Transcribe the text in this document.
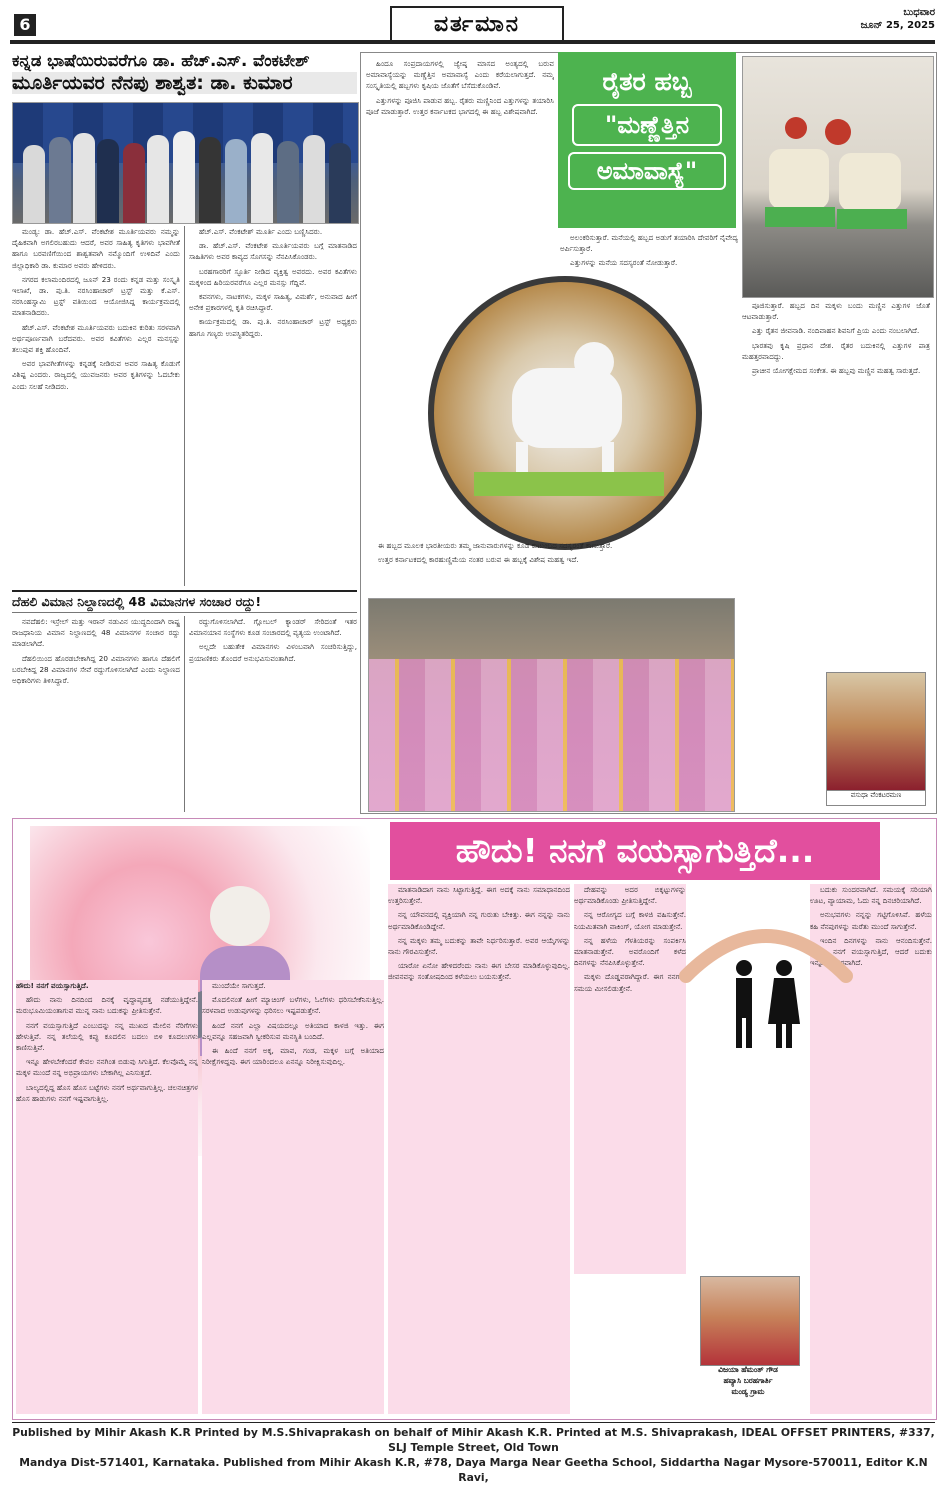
6	ವರ್ತಮಾನ	ಬುಧವಾರ
ಜೂನ್ 25, 2025
ಕನ್ನಡ ಭಾಷೆಯಿರುವರೆಗೂ ಡಾ. ಹೆಚ್.ಎಸ್. ವೆಂಕಟೇಶ್
ಮೂರ್ತಿಯವರ ನೆನಪು ಶಾಶ್ವತ: ಡಾ. ಕುಮಾರ

ಮಂಡ್ಯ: ಡಾ. ಹೆಚ್.ಎಸ್. ವೆಂಕಟೇಶ ಮೂರ್ತಿಯವರು ನಮ್ಮನ್ನು ದೈಹಿಕವಾಗಿ ಅಗಲಿರಬಹುದು ಆದರೆ, ಅವರ ಸಾಹಿತ್ಯ ಕೃತಿಗಳು ಭಾವಗೀತೆ ಹಾಗೂ ಬರವಣಿಗೆಯಿಂದ ಶಾಶ್ವತವಾಗಿ ನಮ್ಮೊಂದಿಗೆ ಉಳಿದಿವೆ ಎಂದು ಜಿಲ್ಲಾಧಿಕಾರಿ ಡಾ. ಕುಮಾರ ಅವರು ಹೇಳಿದರು.

ನಗರದ ಕಲಾಮಂದಿರದಲ್ಲಿ ಜೂನ್ 23 ರಂದು ಕನ್ನಡ ಮತ್ತು ಸಂಸ್ಕೃತಿ ಇಲಾಖೆ, ಡಾ. ಪು.ತಿ. ನರಸಿಂಹಾಚಾರ್ ಟ್ರಸ್ಟ್ ಮತ್ತು ಕೆ.ಎಸ್. ನರಸಿಂಹಸ್ವಾಮಿ ಟ್ರಸ್ಟ್ ವತಿಯಿಂದ ಆಯೋಜಿಸಿದ್ದ ಕಾರ್ಯಕ್ರಮದಲ್ಲಿ ಮಾತನಾಡಿದರು.

ಹೆಚ್.ಎಸ್. ವೆಂಕಟೇಶ ಮೂರ್ತಿಯವರು ಬದುಕಿನ ಕುರಿತು ಸರಳವಾಗಿ ಅರ್ಥಪೂರ್ಣವಾಗಿ ಬರೆದವರು. ಅವರ ಕವಿತೆಗಳು ಎಲ್ಲರ ಮನಸ್ಸನ್ನು ತಲುಪುವ ಶಕ್ತಿ ಹೊಂದಿವೆ.

ಅವರ ಭಾವಗೀತೆಗಳನ್ನು ಕನ್ನಡಕ್ಕೆ ನೀಡಿರುವ ಅವರ ಸಾಹಿತ್ಯ ಕೊಡುಗೆ ವಿಶಿಷ್ಟ ಎಂದರು. ರಾಜ್ಯದಲ್ಲಿ ಯುವಜನರು ಅವರ ಕೃತಿಗಳನ್ನು ಓದಬೇಕು ಎಂದು ಸಲಹೆ ನೀಡಿದರು.

ಹೆಚ್.ಎಸ್. ವೆಂಕಟೇಶ್ ಮೂರ್ತಿ ಎಂದು ಬಣ್ಣಿಸಿದರು.

ಡಾ. ಹೆಚ್.ಎಸ್. ವೆಂಕಟೇಶ ಮೂರ್ತಿಯವರು ಬಗ್ಗೆ ಮಾತನಾಡಿದ ಸಾಹಿತಿಗಳು ಅವರ ಕಾವ್ಯದ ಸೊಗಸನ್ನು ನೆನಪಿಸಿಕೊಂಡರು.

ಬರಹಗಾರರಿಗೆ ಸ್ಫೂರ್ತಿ ನೀಡಿದ ವ್ಯಕ್ತಿತ್ವ ಅವರದು. ಅವರ ಕವಿತೆಗಳು ಮಕ್ಕಳಿಂದ ಹಿರಿಯರವರೆಗೂ ಎಲ್ಲರ ಮನಸ್ಸು ಗೆದ್ದಿವೆ.

ಕವನಗಳು, ನಾಟಕಗಳು, ಮಕ್ಕಳ ಸಾಹಿತ್ಯ, ವಿಮರ್ಶೆ, ಅನುವಾದ ಹೀಗೆ ಅನೇಕ ಪ್ರಕಾರಗಳಲ್ಲಿ ಕೃತಿ ರಚಿಸಿದ್ದಾರೆ.

ಕಾರ್ಯಕ್ರಮದಲ್ಲಿ ಡಾ. ಪು.ತಿ. ನರಸಿಂಹಾಚಾರ್ ಟ್ರಸ್ಟ್ ಅಧ್ಯಕ್ಷರು ಹಾಗೂ ಗಣ್ಯರು ಉಪಸ್ಥಿತರಿದ್ದರು.

ದೆಹಲಿ ವಿಮಾನ ನಿಲ್ದಾಣದಲ್ಲಿ 48 ವಿಮಾನಗಳ ಸಂಚಾರ ರದ್ದು!

ನವದೆಹಲಿ: ಇಸ್ರೇಲ್ ಮತ್ತು ಇರಾನ್ ನಡುವಿನ ಯುದ್ಧದಿಂದಾಗಿ ರಾಷ್ಟ್ರ ರಾಜಧಾನಿಯ ವಿಮಾನ ನಿಲ್ದಾಣದಲ್ಲಿ 48 ವಿಮಾನಗಳ ಸಂಚಾರ ರದ್ದು ಮಾಡಲಾಗಿದೆ.

ದೆಹಲಿಯಿಂದ ಹೊರಡಬೇಕಾಗಿದ್ದ 20 ವಿಮಾನಗಳು ಹಾಗೂ ದೆಹಲಿಗೆ ಬರಬೇಕಿದ್ದ 28 ವಿಮಾನಗಳ ಸೇವೆ ರದ್ದುಗೊಳಿಸಲಾಗಿದೆ ಎಂದು ನಿಲ್ದಾಣದ ಅಧಿಕಾರಿಗಳು ತಿಳಿಸಿದ್ದಾರೆ.

ರದ್ದುಗೊಳಿಸಲಾಗಿದೆ. ಗ್ಲೋಬಲ್ ಕ್ಯಾಂಡರ್ ಸೇರಿದಂತೆ ಇತರ ವಿಮಾನಯಾನ ಸಂಸ್ಥೆಗಳು ಕೂಡ ಸಂಚಾರದಲ್ಲಿ ವ್ಯತ್ಯಯ ಉಂಟಾಗಿದೆ.

ಅಲ್ಲದೇ ಬಹುತೇಕ ವಿಮಾನಗಳು ವಿಳಂಬವಾಗಿ ಸಂಚರಿಸುತ್ತಿದ್ದು, ಪ್ರಯಾಣಿಕರು ತೊಂದರೆ ಅನುಭವಿಸುವಂತಾಗಿದೆ.

ಹಿಂದೂ ಸಂಪ್ರದಾಯಗಳಲ್ಲಿ ಜ್ಯೇಷ್ಠ ಮಾಸದ ಅಂತ್ಯದಲ್ಲಿ ಬರುವ ಅಮಾವಾಸ್ಯೆಯನ್ನು ಮಣ್ಣೆತ್ತಿನ ಅಮಾವಾಸ್ಯೆ ಎಂದು ಕರೆಯಲಾಗುತ್ತದೆ. ನಮ್ಮ ಸಂಸ್ಕೃತಿಯಲ್ಲಿ ಹಬ್ಬಗಳು ಕೃಷಿಯ ಜೊತೆಗೆ ಬೆಸೆದುಕೊಂಡಿವೆ.

ಎತ್ತುಗಳನ್ನು ಪೂಜಿಸಿ ಪಾಡುವ ಹಬ್ಬ. ರೈತರು ಮಣ್ಣಿನಿಂದ ಎತ್ತುಗಳನ್ನು ತಯಾರಿಸಿ ಪೂಜೆ ಮಾಡುತ್ತಾರೆ. ಉತ್ತರ ಕರ್ನಾಟಕದ ಭಾಗದಲ್ಲಿ ಈ ಹಬ್ಬ ವಿಶೇಷವಾಗಿದೆ.

ರೈತರ ಹಬ್ಬ
"ಮಣ್ಣೆತ್ತಿನ
ಅಮಾವಾಸ್ಯೆ"

ಅಲಂಕರಿಸುತ್ತಾರೆ. ಮನೆಯಲ್ಲಿ ಹಬ್ಬದ ಅಡುಗೆ ತಯಾರಿಸಿ ದೇವರಿಗೆ ನೈವೇದ್ಯ ಅರ್ಪಿಸುತ್ತಾರೆ.

ಎತ್ತುಗಳನ್ನು ಮನೆಯ ಸದಸ್ಯರಂತೆ ನೋಡುತ್ತಾರೆ.

ಪೂಜಿಸುತ್ತಾರೆ. ಹಬ್ಬದ ದಿನ ಮಕ್ಕಳು ಬಂದು ಮಣ್ಣಿನ ಎತ್ತುಗಳ ಜೊತೆ ಆಟವಾಡುತ್ತಾರೆ.

ಎತ್ತು ರೈತನ ಜೀವನಾಡಿ. ನಂದಿವಾಹನ ಶಿವನಿಗೆ ಪ್ರಿಯ ಎಂದು ನಂಬಲಾಗಿದೆ.

ಭಾರತವು ಕೃಷಿ ಪ್ರಧಾನ ದೇಶ. ರೈತರ ಬದುಕಿನಲ್ಲಿ ಎತ್ತುಗಳ ಪಾತ್ರ ಮಹತ್ತರವಾದದ್ದು.

ಪ್ರಾಚೀನ ಯೋಗಕ್ಷೇಮದ ಸಂಕೇತ. ಈ ಹಬ್ಬವು ಮಣ್ಣಿನ ಮಹತ್ವ ಸಾರುತ್ತದೆ.

ಈ ಹಬ್ಬದ ಮೂಲಕ ಭಾರತೀಯರು ತಮ್ಮ ಜಾನುವಾರುಗಳನ್ನು ಕೂಡ ಕುಟುಂಬದ ಸದಸ್ಯರಂತೆ ಕಾಣುತ್ತಾರೆ.

ಉತ್ತರ ಕರ್ನಾಟಕದಲ್ಲಿ ಕಾರಹುಣ್ಣಿಮೆಯ ನಂತರ ಬರುವ ಈ ಹಬ್ಬಕ್ಕೆ ವಿಶೇಷ ಮಹತ್ವ ಇದೆ.

ವಸುಧಾ ವೆಂಕಟರಮಣ
ಹೌದು! ನನಗೆ ವಯಸ್ಸಾಗುತ್ತಿದೆ...

ಹೌದು! ನನಗೆ ವಯಸ್ಸಾಗುತ್ತಿದೆ.

ಹೌದು ನಾನು ದಿನದಿಂದ ದಿನಕ್ಕೆ ವೃದ್ಧಾಪ್ಯದತ್ತ ನಡೆಯುತ್ತಿದ್ದೇನೆ. ಮರುಭೂಮಿಯಂತಾಗುವ ಮುನ್ನ ನಾನು ಬದುಕನ್ನು ಪ್ರೀತಿಸುತ್ತೇನೆ.

ನನಗೆ ವಯಸ್ಸಾಗುತ್ತಿದೆ ಎಂಬುದನ್ನು ನನ್ನ ಮುಖದ ಮೇಲಿನ ನೆರಿಗೆಗಳು ಹೇಳುತ್ತಿವೆ. ನನ್ನ ತಲೆಯಲ್ಲಿ ಕಪ್ಪು ಕೂದಲಿನ ಬದಲು ಬಿಳಿ ಕೂದಲುಗಳು ಕಾಣಿಸುತ್ತಿವೆ.

ಇನ್ನೂ ಹೇಳಬೇಕೆಂದರೆ ಕೇವಲ ನನಗಿಂತ ಬಿಡುವು ಸಿಗುತ್ತಿದೆ. ಕೆಲವೊಮ್ಮೆ ನನ್ನ ಮಕ್ಕಳ ಮುಂದೆ ನನ್ನ ಅಭಿಪ್ರಾಯಗಳು ಬೇಕಾಗಿಲ್ಲ ಎನಿಸುತ್ತದೆ.

ಬಾಲ್ಯದಲ್ಲಿದ್ದ ಹೊಸ ಹೊಸ ಬಟ್ಟೆಗಳು ನನಗೆ ಅರ್ಥವಾಗುತ್ತಿಲ್ಲ. ಚಲನಚಿತ್ರಗಳ ಹೊಸ ಹಾಡುಗಳು ನನಗೆ ಇಷ್ಟವಾಗುತ್ತಿಲ್ಲ.

ಮುಂದೆಯೇ ಸಾಗುತ್ತದೆ.

ಮೊದಲಿನಂತೆ ಹೀಗೆ ಮ್ಯಾಚಿಂಗ್ ಬಳೆಗಳು, ಓಲೆಗಳು ಧರಿಸಬೇಕೆನಿಸುತ್ತಿಲ್ಲ. ಸರಳವಾದ ಉಡುಪುಗಳನ್ನು ಧರಿಸಲು ಇಷ್ಟಪಡುತ್ತೇನೆ.

ಹಿಂದೆ ನನಗೆ ಎಲ್ಲಾ ವಿಷಯದಲ್ಲೂ ಅತಿಯಾದ ಕಾಳಜಿ ಇತ್ತು. ಈಗ ಎಲ್ಲವನ್ನೂ ಸಹಜವಾಗಿ ಸ್ವೀಕರಿಸುವ ಮನಸ್ಥಿತಿ ಬಂದಿದೆ.

ಈ ಹಿಂದೆ ನನಗೆ ಅಕ್ಕ, ಮಾವ, ಗಂಡ, ಮಕ್ಕಳ ಬಗ್ಗೆ ಅತಿಯಾದ ನಿರೀಕ್ಷೆಗಳಿದ್ದವು. ಈಗ ಯಾರಿಂದಲೂ ಏನನ್ನೂ ನಿರೀಕ್ಷಿಸುವುದಿಲ್ಲ.

ಮಾತನಾಡಿದಾಗ ನಾನು ಸಿಟ್ಟಾಗುತ್ತಿದ್ದೆ. ಈಗ ಅದಕ್ಕೆ ನಾನು ಸಮಾಧಾನದಿಂದ ಉತ್ತರಿಸುತ್ತೇನೆ.

ನನ್ನ ಯೌವನದಲ್ಲಿ ವ್ಯಕ್ತಿಯಾಗಿ ನನ್ನ ಗುರುತು ಬೇಕಿತ್ತು. ಈಗ ನನ್ನನ್ನು ನಾನು ಅರ್ಥಮಾಡಿಕೊಂಡಿದ್ದೇನೆ.

ನನ್ನ ಮಕ್ಕಳು ತಮ್ಮ ಬದುಕನ್ನು ತಾವೇ ನಿರ್ಧರಿಸುತ್ತಾರೆ. ಅವರ ಆಯ್ಕೆಗಳನ್ನು ನಾನು ಗೌರವಿಸುತ್ತೇನೆ.

ಯಾರೋ ಏನೋ ಹೇಳಿದರೆಂದು ನಾನು ಈಗ ಬೇಸರ ಮಾಡಿಕೊಳ್ಳುವುದಿಲ್ಲ. ಜೀವನವನ್ನು ಸಂತೋಷದಿಂದ ಕಳೆಯಲು ಬಯಸುತ್ತೇನೆ.

ದೇಹವನ್ನು ಅದರ ಬಿಕ್ಕಟ್ಟುಗಳನ್ನು ಅರ್ಥಮಾಡಿಕೊಂಡು ಪ್ರೀತಿಸುತ್ತಿದ್ದೇನೆ.

ನನ್ನ ಆರೋಗ್ಯದ ಬಗ್ಗೆ ಕಾಳಜಿ ವಹಿಸುತ್ತೇನೆ. ನಿಯಮಿತವಾಗಿ ವಾಕಿಂಗ್, ಯೋಗ ಮಾಡುತ್ತೇನೆ.

ನನ್ನ ಹಳೆಯ ಗೆಳತಿಯರನ್ನು ಸಂಪರ್ಕಿಸಿ ಮಾತನಾಡುತ್ತೇನೆ. ಅವರೊಂದಿಗೆ ಕಳೆದ ದಿನಗಳನ್ನು ನೆನಪಿಸಿಕೊಳ್ಳುತ್ತೇನೆ.

ಮಕ್ಕಳು ದೊಡ್ಡವರಾಗಿದ್ದಾರೆ. ಈಗ ನನಗಾಗಿ ಸಮಯ ಮೀಸಲಿಡುತ್ತೇನೆ.

ಬದುಕು ಸುಂದರವಾಗಿದೆ. ಸಮಯಕ್ಕೆ ಸರಿಯಾಗಿ ಊಟ, ವ್ಯಾಯಾಮ, ಓದು ನನ್ನ ದಿನಚರಿಯಾಗಿದೆ.

ಅನುಭವಗಳು ನನ್ನನ್ನು ಗಟ್ಟಿಗೊಳಿಸಿವೆ. ಹಳೆಯ ಕಹಿ ನೆನಪುಗಳನ್ನು ಮರೆತು ಮುಂದೆ ಸಾಗುತ್ತೇನೆ.

ಇಂದಿನ ದಿನಗಳನ್ನು ನಾನು ಆನಂದಿಸುತ್ತೇನೆ. ಹೌದು, ನನಗೆ ವಯಸ್ಸಾಗುತ್ತಿದೆ, ಆದರೆ ಬದುಕು ಇನ್ನೂ ಸುಂದರವಾಗಿದೆ.

ವಿಜಯಾ ಹೆಮಂತ್ ಗೌಡ
ಹವ್ಯಾಸಿ ಬರಹಗಾರ್ತಿ
ಮಂಡ್ಯ ಗ್ರಾಮ
Published by Mihir Akash K.R Printed by M.S.Shivaprakash on behalf of Mihir Akash K.R. Printed at M.S. Shivaprakash, IDEAL OFFSET PRINTERS, #337, SLJ Temple Street, Old Town
Mandya Dist-571401, Karnataka. Published from Mihir Akash K.R, #78, Daya Marga Near Geetha School, Siddartha Nagar Mysore-570011, Editor K.N Ravi,
